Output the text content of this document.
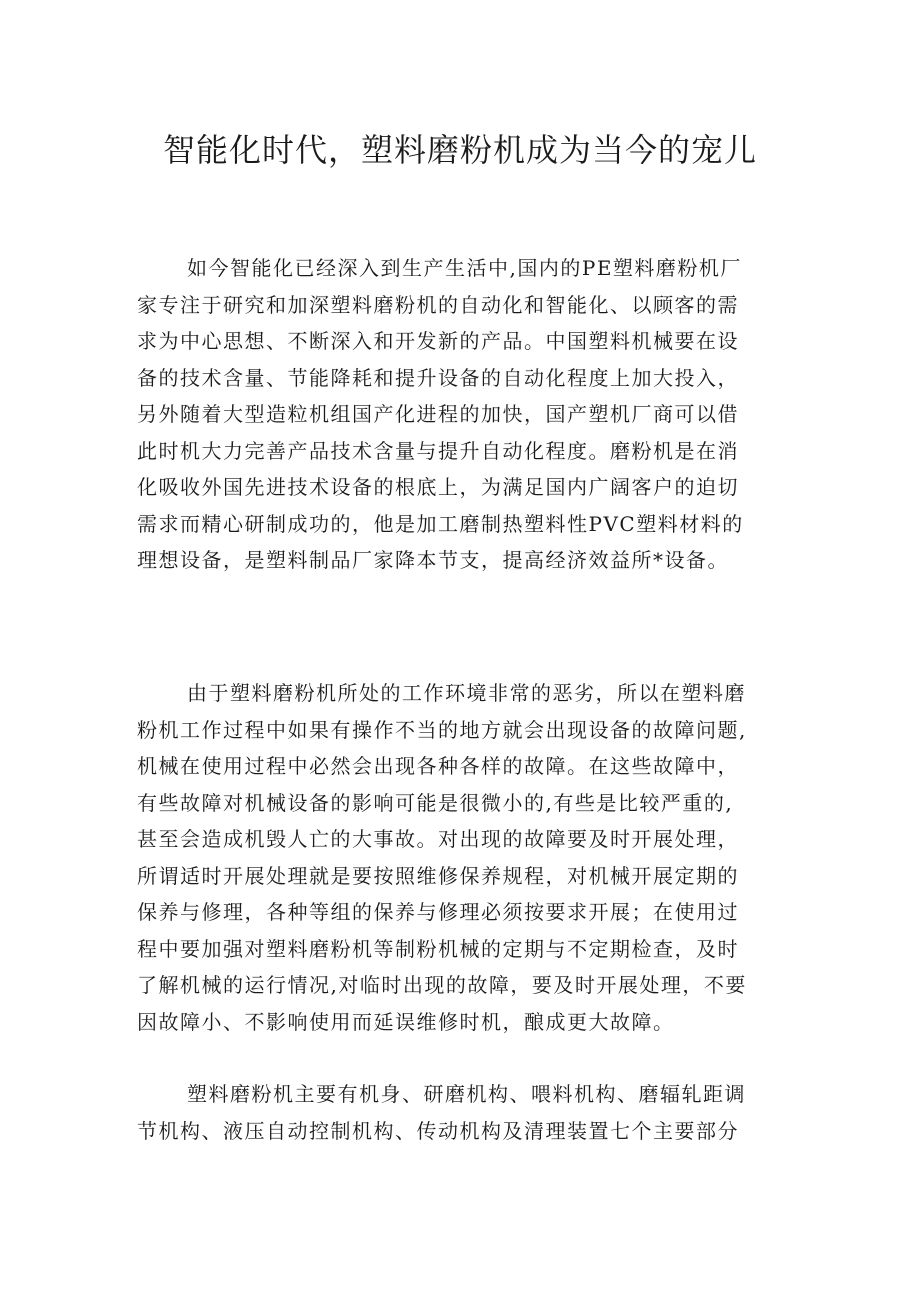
智能化时代，塑料磨粉机成为当今的宠儿

如今智能化已经深入到生产生活中,国内的PE塑料磨粉机厂
家专注于研究和加深塑料磨粉机的自动化和智能化、以顾客的需
求为中心思想、不断深入和开发新的产品。中国塑料机械要在设
备的技术含量、节能降耗和提升设备的自动化程度上加大投入，
另外随着大型造粒机组国产化进程的加快，国产塑机厂商可以借
此时机大力完善产品技术含量与提升自动化程度。磨粉机是在消
化吸收外国先进技术设备的根底上，为满足国内广阔客户的迫切
需求而精心研制成功的，他是加工磨制热塑料性PVC塑料材料的
理想设备，是塑料制品厂家降本节支，提高经济效益所*设备。

由于塑料磨粉机所处的工作环境非常的恶劣，所以在塑料磨
粉机工作过程中如果有操作不当的地方就会出现设备的故障问题,
机械在使用过程中必然会出现各种各样的故障。在这些故障中，
有些故障对机械设备的影响可能是很微小的,有些是比较严重的,
甚至会造成机毁人亡的大事故。对出现的故障要及时开展处理，
所谓适时开展处理就是要按照维修保养规程，对机械开展定期的
保养与修理，各种等组的保养与修理必须按要求开展；在使用过
程中要加强对塑料磨粉机等制粉机械的定期与不定期检查，及时
了解机械的运行情况,对临时出现的故障，要及时开展处理，不要
因故障小、不影响使用而延误维修时机，酿成更大故障。

塑料磨粉机主要有机身、研磨机构、喂料机构、磨辐轧距调
节机构、液压自动控制机构、传动机构及清理装置七个主要部分
